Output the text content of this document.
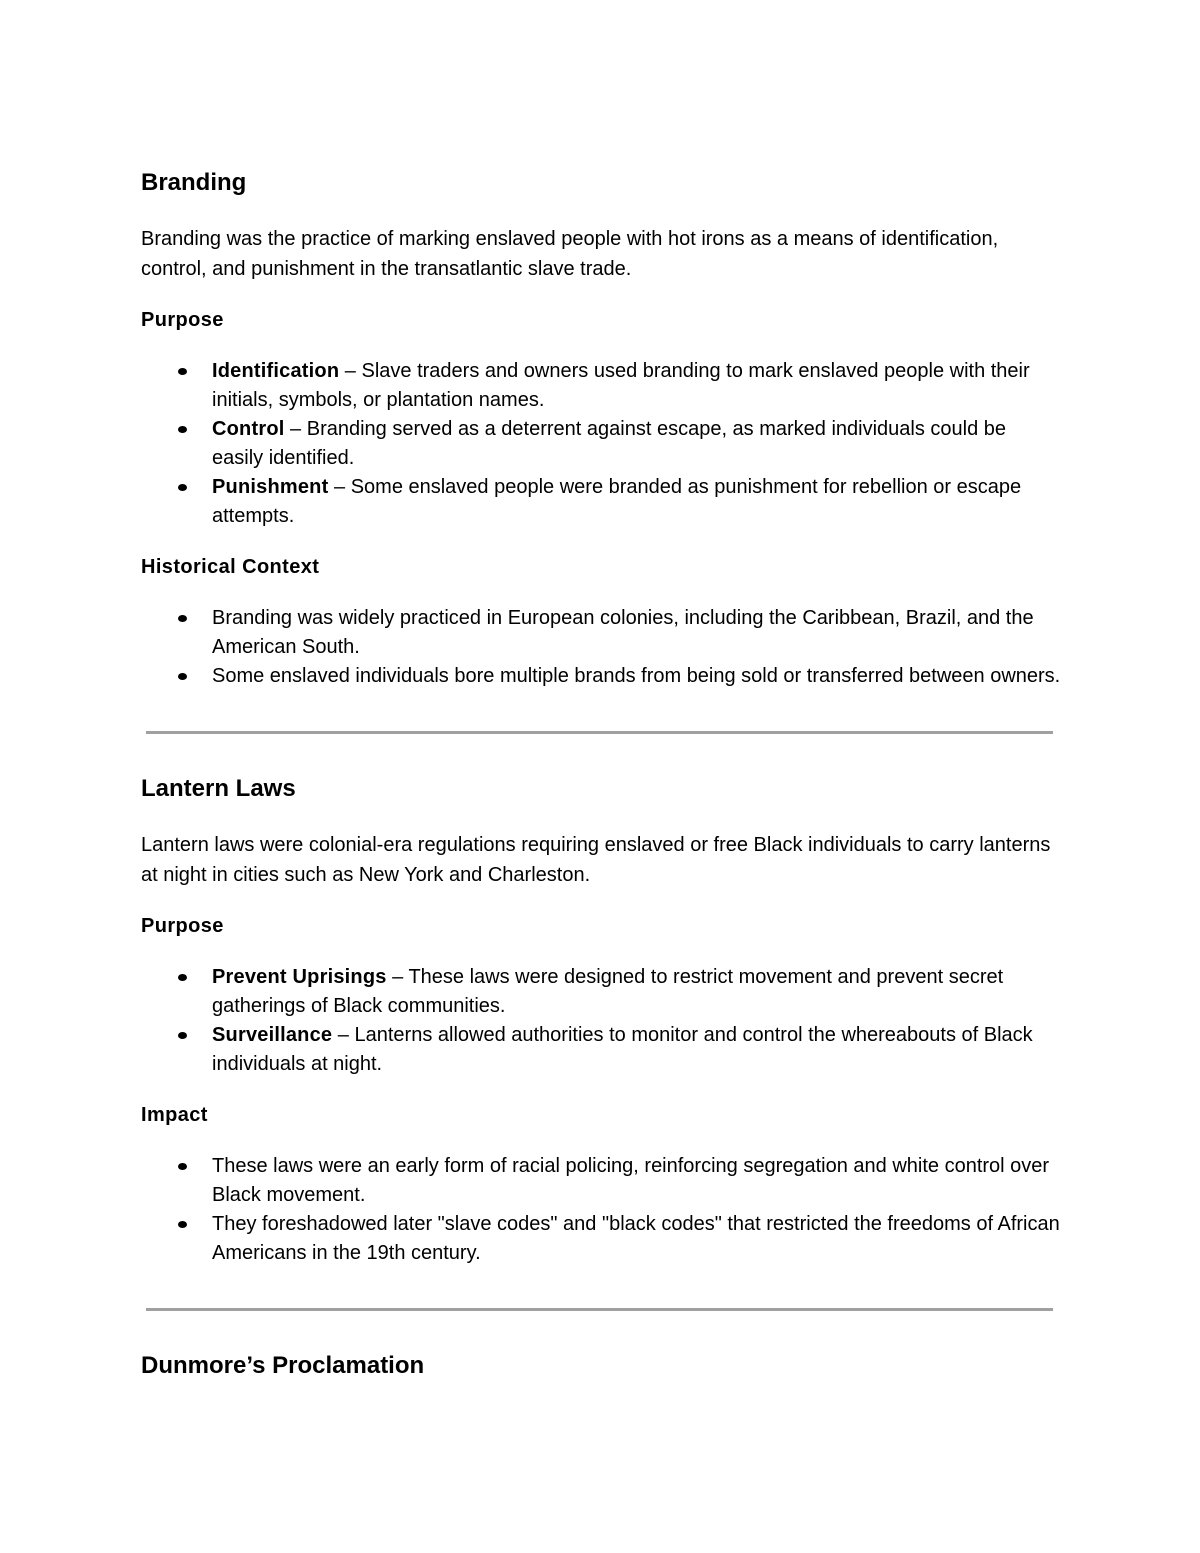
Branding

Branding was the practice of marking enslaved people with hot irons as a means of identification, control, and punishment in the transatlantic slave trade.

Purpose
Identification – Slave traders and owners used branding to mark enslaved people with their initials, symbols, or plantation names.
Control – Branding served as a deterrent against escape, as marked individuals could be easily identified.
Punishment – Some enslaved people were branded as punishment for rebellion or escape attempts.
Historical Context
Branding was widely practiced in European colonies, including the Caribbean, Brazil, and the American South.
Some enslaved individuals bore multiple brands from being sold or transferred between owners.
Lantern Laws

Lantern laws were colonial-era regulations requiring enslaved or free Black individuals to carry lanterns at night in cities such as New York and Charleston.

Purpose
Prevent Uprisings – These laws were designed to restrict movement and prevent secret gatherings of Black communities.
Surveillance – Lanterns allowed authorities to monitor and control the whereabouts of Black individuals at night.
Impact
These laws were an early form of racial policing, reinforcing segregation and white control over Black movement.
They foreshadowed later "slave codes" and "black codes" that restricted the freedoms of African Americans in the 19th century.
Dunmore’s Proclamation
